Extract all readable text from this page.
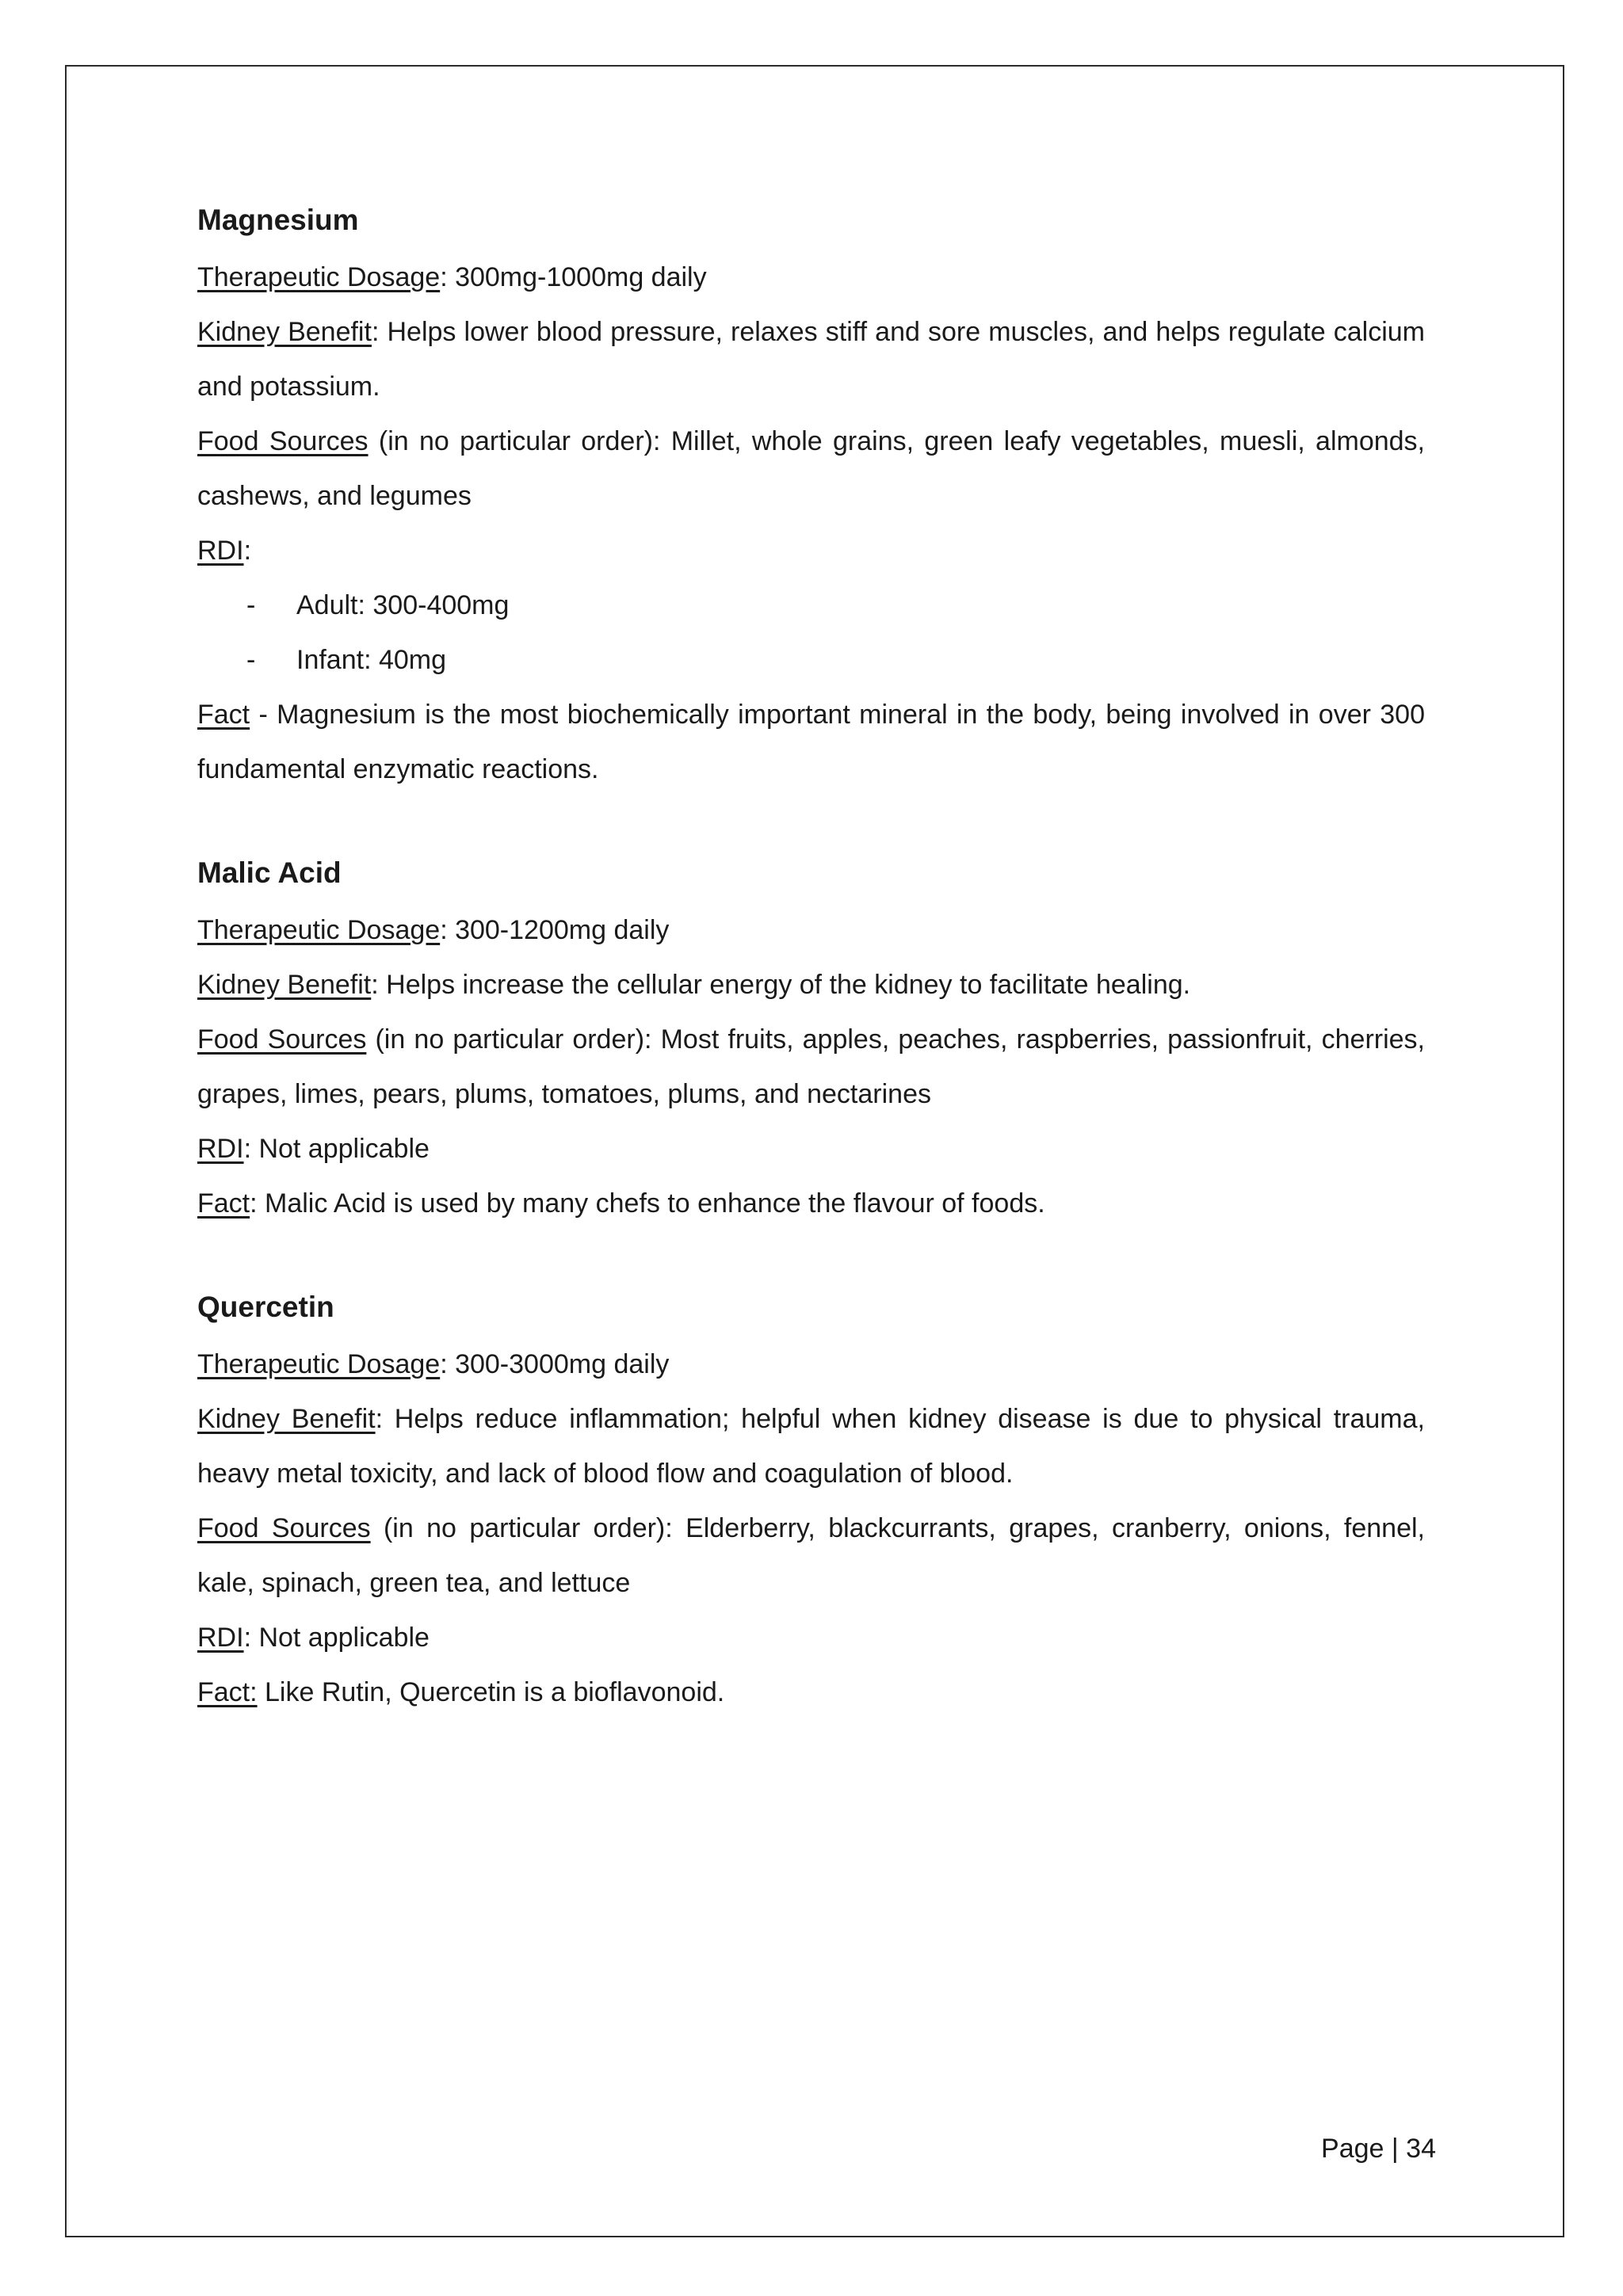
Magnesium

Therapeutic Dosage: 300mg-1000mg daily

Kidney Benefit: Helps lower blood pressure, relaxes stiff and sore muscles, and helps regulate calcium and potassium.

Food Sources (in no particular order): Millet, whole grains, green leafy vegetables, muesli, almonds, cashews, and legumes

RDI:

- Adult: 300-400mg
- Infant: 40mg

Fact - Magnesium is the most biochemically important mineral in the body, being involved in over 300 fundamental enzymatic reactions.

Malic Acid

Therapeutic Dosage: 300-1200mg daily

Kidney Benefit: Helps increase the cellular energy of the kidney to facilitate healing.

Food Sources (in no particular order): Most fruits, apples, peaches, raspberries, passionfruit, cherries, grapes, limes, pears, plums, tomatoes, plums, and nectarines

RDI: Not applicable

Fact: Malic Acid is used by many chefs to enhance the flavour of foods.

Quercetin

Therapeutic Dosage: 300-3000mg daily

Kidney Benefit: Helps reduce inflammation; helpful when kidney disease is due to physical trauma, heavy metal toxicity, and lack of blood flow and coagulation of blood.

Food Sources (in no particular order): Elderberry, blackcurrants, grapes, cranberry, onions, fennel, kale, spinach, green tea, and lettuce

RDI: Not applicable

Fact: Like Rutin, Quercetin is a bioflavonoid.

Page | 34
